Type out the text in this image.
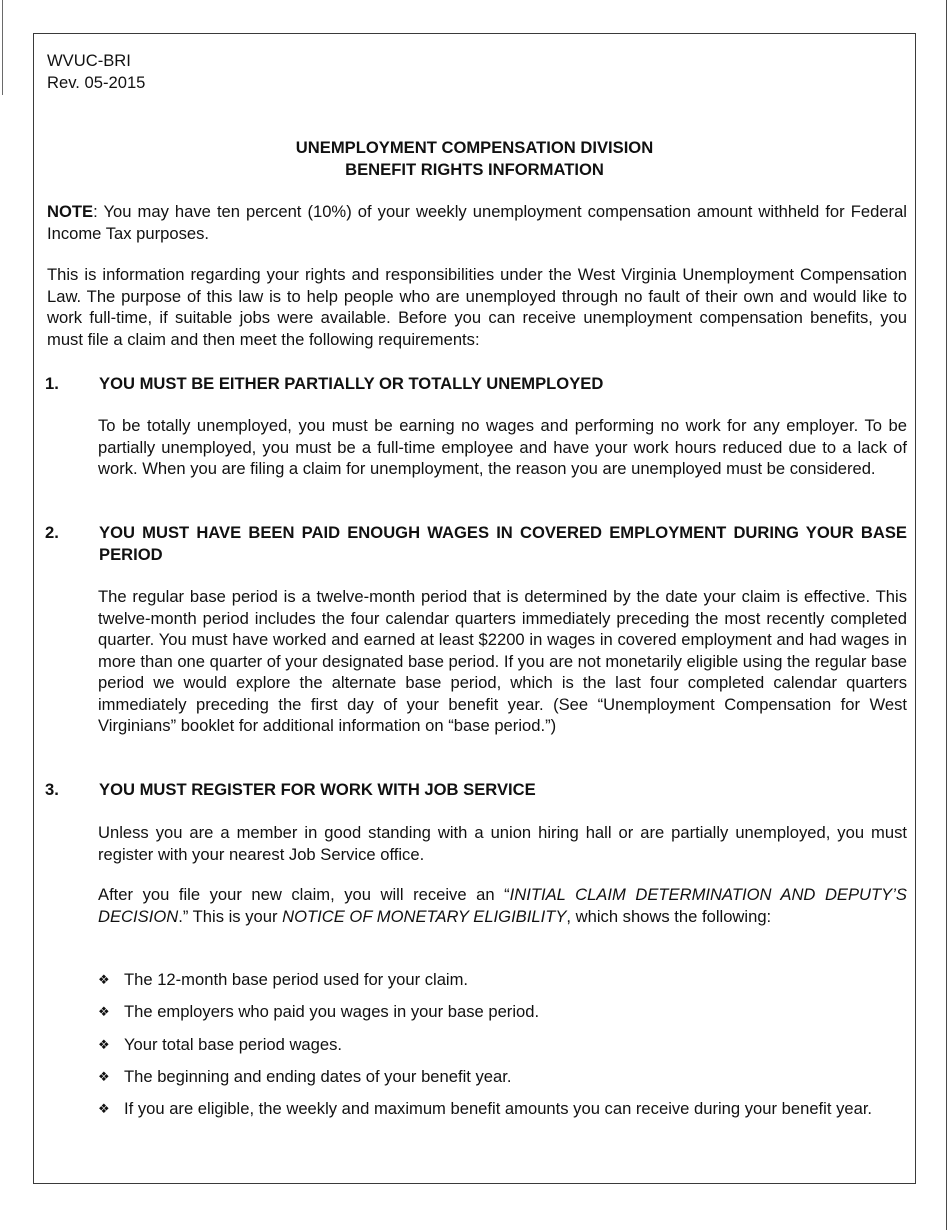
WVUC-BRI
Rev. 05-2015
UNEMPLOYMENT COMPENSATION DIVISION
BENEFIT RIGHTS INFORMATION

NOTE: You may have ten percent (10%) of your weekly unemployment compensation amount withheld for Federal Income Tax purposes.

This is information regarding your rights and responsibilities under the West Virginia Unemployment Compensation Law. The purpose of this law is to help people who are unemployed through no fault of their own and would like to work full-time, if suitable jobs were available. Before you can receive unemployment compensation benefits, you must file a claim and then meet the following requirements:

1. YOU MUST BE EITHER PARTIALLY OR TOTALLY UNEMPLOYED

To be totally unemployed, you must be earning no wages and performing no work for any employer. To be partially unemployed, you must be a full-time employee and have your work hours reduced due to a lack of work. When you are filing a claim for unemployment, the reason you are unemployed must be considered.

2. YOU MUST HAVE BEEN PAID ENOUGH WAGES IN COVERED EMPLOYMENT DURING YOUR BASE PERIOD

The regular base period is a twelve-month period that is determined by the date your claim is effective. This twelve-month period includes the four calendar quarters immediately preceding the most recently completed quarter. You must have worked and earned at least $2200 in wages in covered employment and had wages in more than one quarter of your designated base period. If you are not monetarily eligible using the regular base period we would explore the alternate base period, which is the last four completed calendar quarters immediately preceding the first day of your benefit year. (See “Unemployment Compensation for West Virginians” booklet for additional information on “base period.”)

3. YOU MUST REGISTER FOR WORK WITH JOB SERVICE

Unless you are a member in good standing with a union hiring hall or are partially unemployed, you must register with your nearest Job Service office.

After you file your new claim, you will receive an “INITIAL CLAIM DETERMINATION AND DEPUTY’S DECISION.” This is your NOTICE OF MONETARY ELIGIBILITY, which shows the following:

❖ The 12-month base period used for your claim.
❖ The employers who paid you wages in your base period.
❖ Your total base period wages.
❖ The beginning and ending dates of your benefit year.
❖ If you are eligible, the weekly and maximum benefit amounts you can receive during your benefit year.
